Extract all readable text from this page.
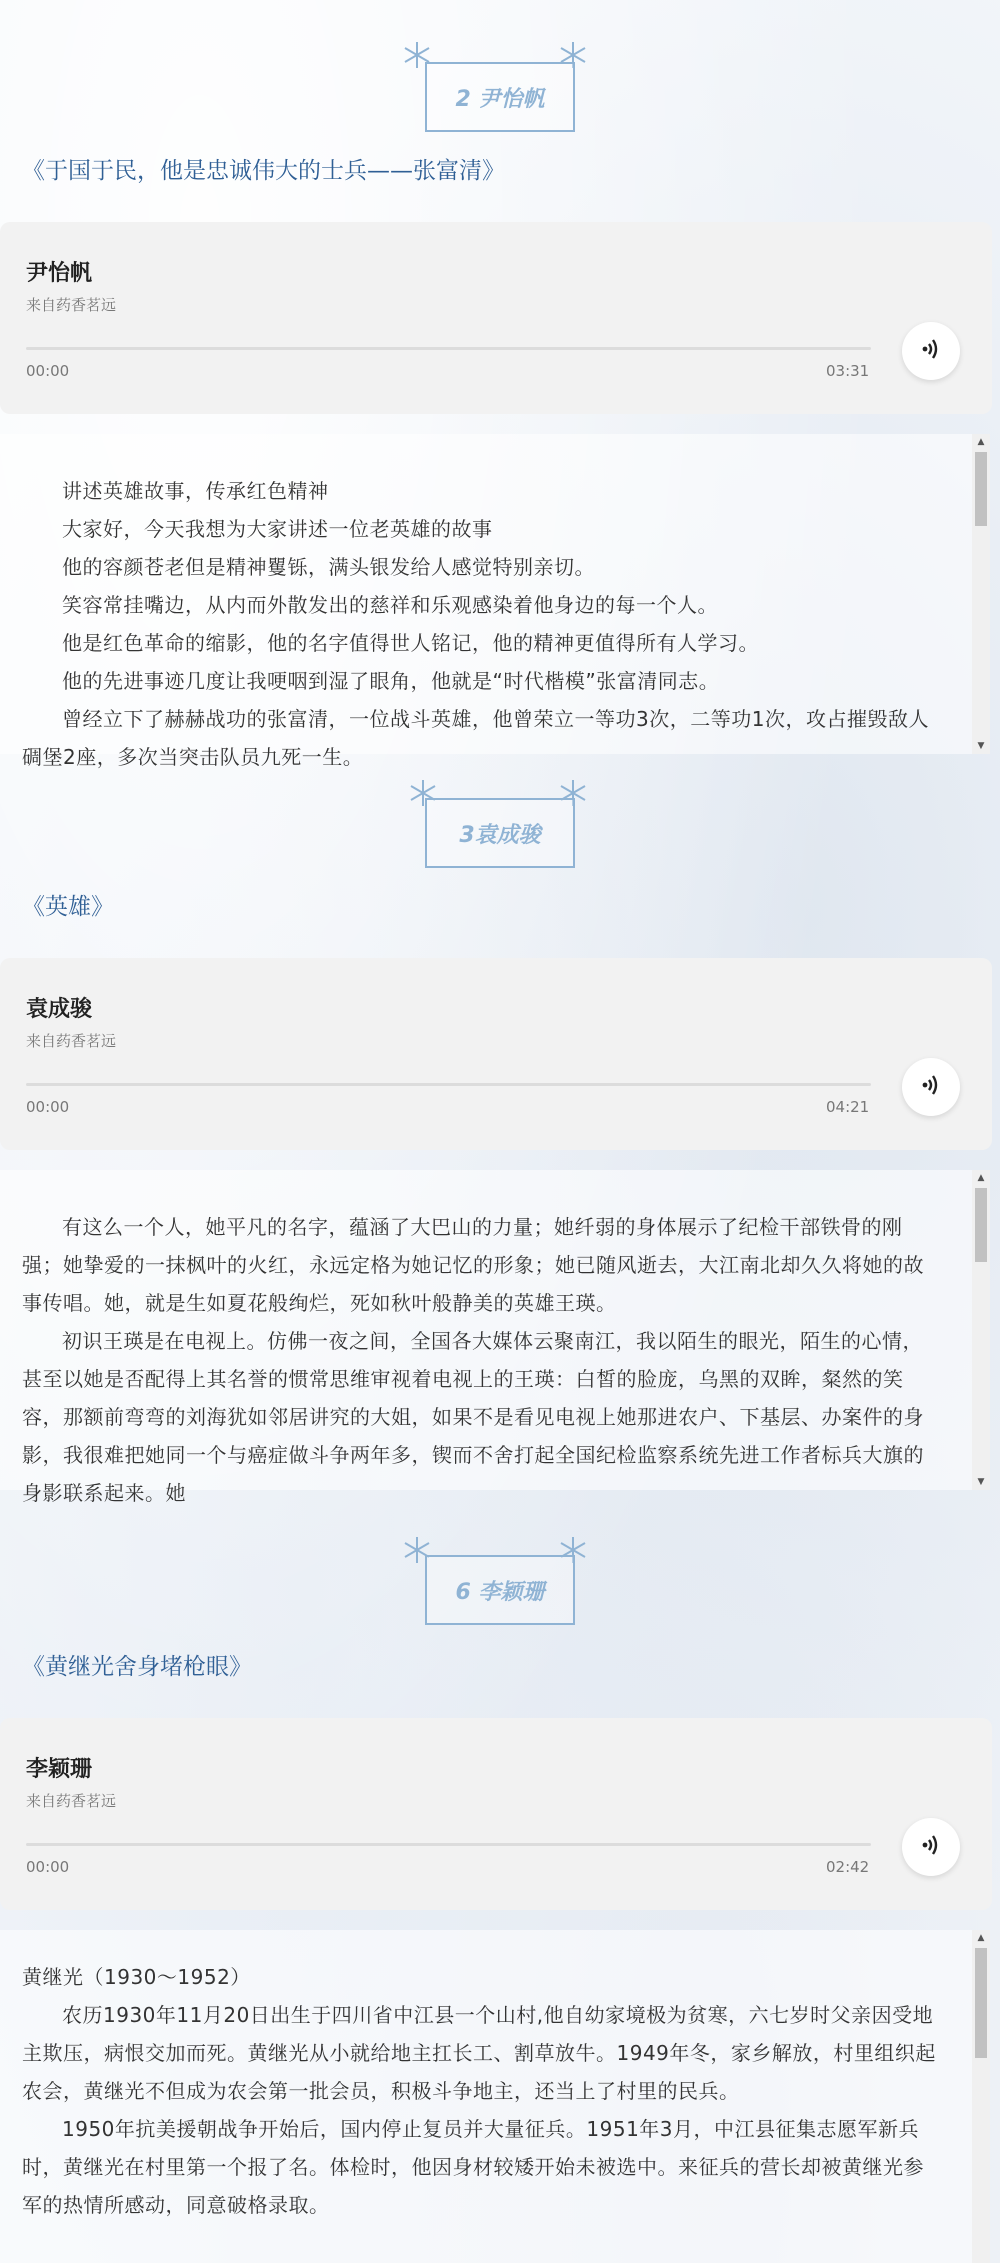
2 尹怡帆
《于国于民，他是忠诚伟大的士兵——张富清》
尹怡帆
来自药香茗远
00:00	03:31

讲述英雄故事，传承红色精神

大家好，今天我想为大家讲述一位老英雄的故事

他的容颜苍老但是精神矍铄，满头银发给人感觉特别亲切。

笑容常挂嘴边，从内而外散发出的慈祥和乐观感染着他身边的每一个人。

他是红色革命的缩影，他的名字值得世人铭记，他的精神更值得所有人学习。

他的先进事迹几度让我哽咽到湿了眼角，他就是“时代楷模”张富清同志。

曾经立下了赫赫战功的张富清，一位战斗英雄，他曾荣立一等功3次，二等功1次，攻占摧毁敌人碉堡2座，多次当突击队员九死一生。

▲
▼
3袁成骏
《英雄》
袁成骏
来自药香茗远
00:00	04:21

有这么一个人，她平凡的名字，蕴涵了大巴山的力量；她纤弱的身体展示了纪检干部铁骨的刚强；她挚爱的一抹枫叶的火红，永远定格为她记忆的形象；她已随风逝去，大江南北却久久将她的故事传唱。她，就是生如夏花般绚烂，死如秋叶般静美的英雄王瑛。

初识王瑛是在电视上。仿佛一夜之间，全国各大媒体云聚南江，我以陌生的眼光，陌生的心情，甚至以她是否配得上其名誉的惯常思维审视着电视上的王瑛：白皙的脸庞，乌黑的双眸，粲然的笑容，那额前弯弯的刘海犹如邻居讲究的大姐，如果不是看见电视上她那进农户、下基层、办案件的身影，我很难把她同一个与癌症做斗争两年多，锲而不舍打起全国纪检监察系统先进工作者标兵大旗的身影联系起来。她

▲
▼
6 李颖珊
《黄继光舍身堵枪眼》
李颖珊
来自药香茗远
00:00	02:42

黄继光（1930～1952）

农历1930年11月20日出生于四川省中江县一个山村,他自幼家境极为贫寒，六七岁时父亲因受地主欺压，病恨交加而死。黄继光从小就给地主扛长工、割草放牛。1949年冬，家乡解放，村里组织起农会，黄继光不但成为农会第一批会员，积极斗争地主，还当上了村里的民兵。

1950年抗美援朝战争开始后，国内停止复员并大量征兵。1951年3月，中江县征集志愿军新兵时，黄继光在村里第一个报了名。体检时，他因身材较矮开始未被选中。来征兵的营长却被黄继光参军的热情所感动，同意破格录取。

▲
